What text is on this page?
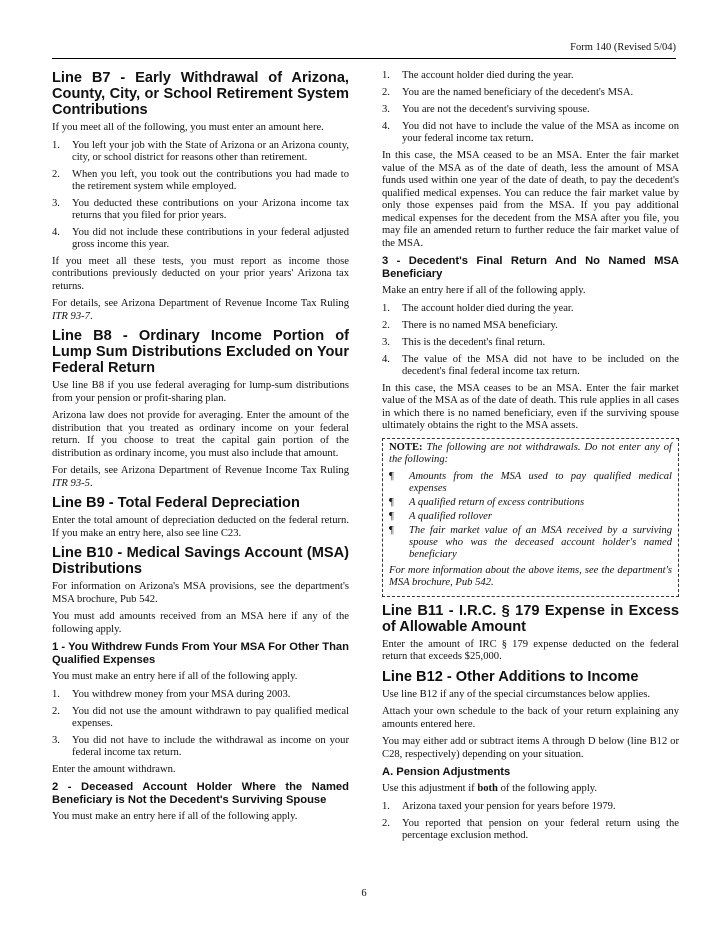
Form 140 (Revised 5/04)
Line B7 - Early Withdrawal of Arizona, County, City, or School Retirement System Contributions
If you meet all of the following, you must enter an amount here.
1.	You left your job with the State of Arizona or an Arizona county, city, or school district for reasons other than retirement.
2.	When you left, you took out the contributions you had made to the retirement system while employed.
3.	You deducted these contributions on your Arizona income tax returns that you filed for prior years.
4.	You did not include these contributions in your federal adjusted gross income this year.
If you meet all these tests, you must report as income those contributions previously deducted on your prior years' Arizona tax returns.
For details, see Arizona Department of Revenue Income Tax Ruling ITR 93-7.
Line B8 - Ordinary Income Portion of Lump Sum Distributions Excluded on Your Federal Return
Use line B8 if you use federal averaging for lump-sum distributions from your pension or profit-sharing plan.
Arizona law does not provide for averaging. Enter the amount of the distribution that you treated as ordinary income on your federal return. If you choose to treat the capital gain portion of the distribution as ordinary income, you must also include that amount.
For details, see Arizona Department of Revenue Income Tax Ruling ITR 93-5.
Line B9 - Total Federal Depreciation
Enter the total amount of depreciation deducted on the federal return. If you make an entry here, also see line C23.
Line B10 - Medical Savings Account (MSA) Distributions
For information on Arizona's MSA provisions, see the department's MSA brochure, Pub 542.
You must add amounts received from an MSA here if any of the following apply.
1 - You Withdrew Funds From Your MSA For Other Than Qualified Expenses
You must make an entry here if all of the following apply.
1.	You withdrew money from your MSA during 2003.
2.	You did not use the amount withdrawn to pay qualified medical expenses.
3.	You did not have to include the withdrawal as income on your federal income tax return.
Enter the amount withdrawn.
2 - Deceased Account Holder Where the Named Beneficiary is Not the Decedent's Surviving Spouse
You must make an entry here if all of the following apply.
1.	The account holder died during the year.
2.	You are the named beneficiary of the decedent's MSA.
3.	You are not the decedent's surviving spouse.
4.	You did not have to include the value of the MSA as income on your federal income tax return.
In this case, the MSA ceased to be an MSA. Enter the fair market value of the MSA as of the date of death, less the amount of MSA funds used within one year of the date of death, to pay the decedent's qualified medical expenses. You can reduce the fair market value by only those expenses paid from the MSA. If you pay additional medical expenses for the decedent from the MSA after you file, you may file an amended return to further reduce the fair market value of the MSA.
3 - Decedent's Final Return And No Named MSA Beneficiary
Make an entry here if all of the following apply.
1.	The account holder died during the year.
2.	There is no named MSA beneficiary.
3.	This is the decedent's final return.
4.	The value of the MSA did not have to be included on the decedent's final federal income tax return.
In this case, the MSA ceases to be an MSA. Enter the fair market value of the MSA as of the date of death. This rule applies in all cases in which there is no named beneficiary, even if the surviving spouse ultimately obtains the right to the MSA assets.
NOTE: The following are not withdrawals. Do not enter any of the following:
¶	Amounts from the MSA used to pay qualified medical expenses
¶	A qualified return of excess contributions
¶	A qualified rollover
¶	The fair market value of an MSA received by a surviving spouse who was the deceased account holder's named beneficiary
For more information about the above items, see the department's MSA brochure, Pub 542.
Line B11 - I.R.C. § 179 Expense in Excess of Allowable Amount
Enter the amount of IRC § 179 expense deducted on the federal return that exceeds $25,000.
Line B12 - Other Additions to Income
Use line B12 if any of the special circumstances below applies.
Attach your own schedule to the back of your return explaining any amounts entered here.
You may either add or subtract items A through D below (line B12 or C28, respectively) depending on your situation.
A. Pension Adjustments
Use this adjustment if both of the following apply.
1.	Arizona taxed your pension for years before 1979.
2.	You reported that pension on your federal return using the percentage exclusion method.
6
